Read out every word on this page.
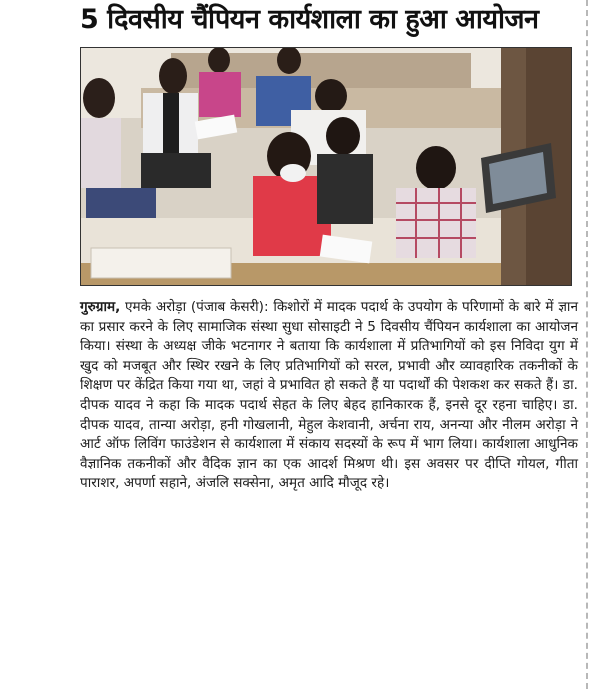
5 दिवसीय चैंपियन कार्यशाला का हुआ आयोजन

गुरुग्राम, एमके अरोड़ा (पंजाब केसरी): किशोरों में मादक पदार्थ के उपयोग के परिणामों के बारे में ज्ञान का प्रसार करने के लिए सामाजिक संस्था सुधा सोसाइटी ने 5 दिवसीय चैंपियन कार्यशाला का आयोजन किया। संस्था के अध्यक्ष जीके भटनागर ने बताया कि कार्यशाला में प्रतिभागियों को इस निविदा युग में खुद को मजबूत और स्थिर रखने के लिए प्रतिभागियों को सरल, प्रभावी और व्यावहारिक तकनीकों के शिक्षण पर केंद्रित किया गया था, जहां वे प्रभावित हो सकते हैं या पदार्थों की पेशकश कर सकते हैं। डा. दीपक यादव ने कहा कि मादक पदार्थ सेहत के लिए बेहद हानिकारक हैं, इनसे दूर रहना चाहिए। डा. दीपक यादव, तान्या अरोड़ा, हनी गोखलानी, मेहुल केशवानी, अर्चना राय, अनन्या और नीलम अरोड़ा ने आर्ट ऑफ लिविंग फाउंडेशन से कार्यशाला में संकाय सदस्यों के रूप में भाग लिया। कार्यशाला आधुनिक वैज्ञानिक तकनीकों और वैदिक ज्ञान का एक आदर्श मिश्रण थी। इस अवसर पर दीप्ति गोयल, गीता पाराशर, अपर्णा सहाने, अंजलि सक्सेना, अमृत आदि मौजूद रहे।
